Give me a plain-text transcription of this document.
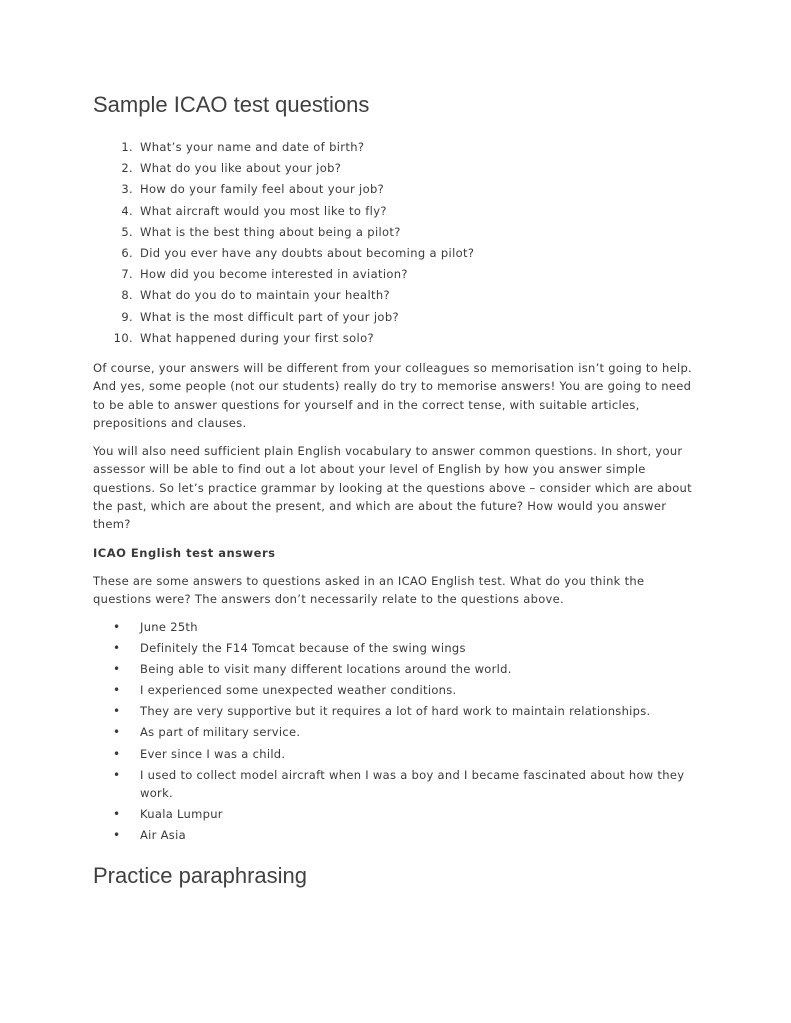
Sample ICAO test questions
1. What’s your name and date of birth?
2. What do you like about your job?
3. How do your family feel about your job?
4. What aircraft would you most like to fly?
5. What is the best thing about being a pilot?
6. Did you ever have any doubts about becoming a pilot?
7. How did you become interested in aviation?
8. What do you do to maintain your health?
9. What is the most difficult part of your job?
10. What happened during your first solo?

Of course, your answers will be different from your colleagues so memorisation isn’t going to help. And yes, some people (not our students) really do try to memorise answers! You are going to need to be able to answer questions for yourself and in the correct tense, with suitable articles, prepositions and clauses.

You will also need sufficient plain English vocabulary to answer common questions. In short, your assessor will be able to find out a lot about your level of English by how you answer simple questions. So let’s practice grammar by looking at the questions above – consider which are about the past, which are about the present, and which are about the future? How would you answer them?

ICAO English test answers

These are some answers to questions asked in an ICAO English test. What do you think the questions were? The answers don’t necessarily relate to the questions above.

• June 25th
• Definitely the F14 Tomcat because of the swing wings
• Being able to visit many different locations around the world.
• I experienced some unexpected weather conditions.
• They are very supportive but it requires a lot of hard work to maintain relationships.
• As part of military service.
• Ever since I was a child.
• I used to collect model aircraft when I was a boy and I became fascinated about how they work.
• Kuala Lumpur
• Air Asia
Practice paraphrasing
